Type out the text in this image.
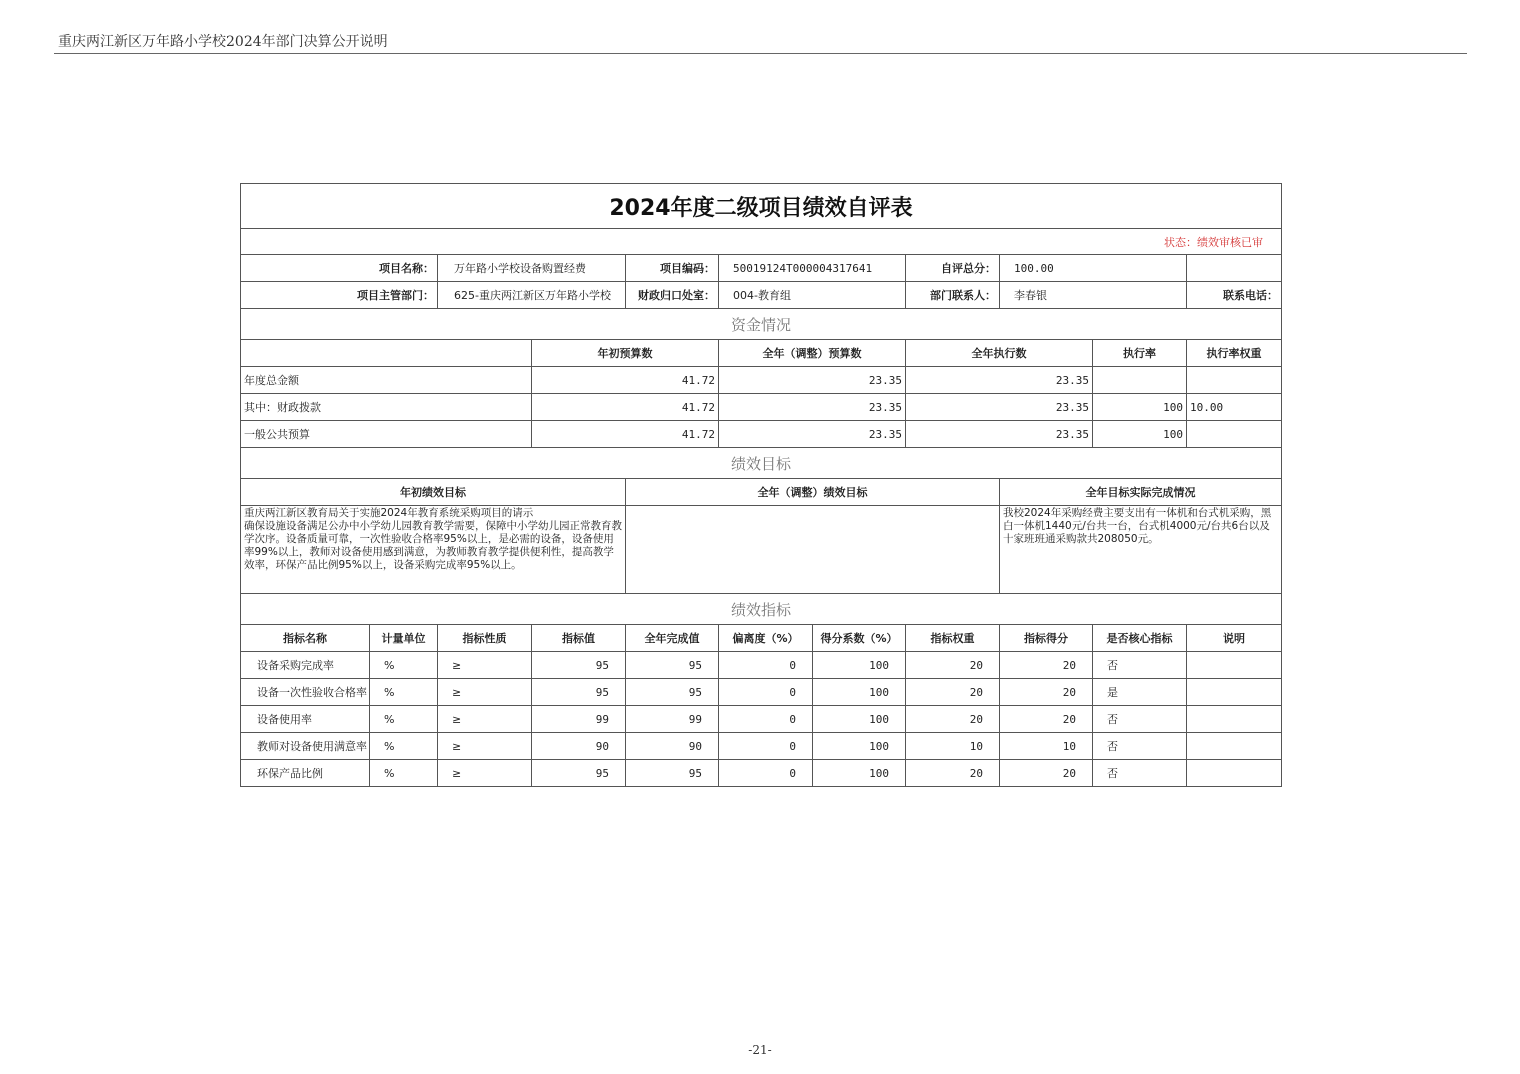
重庆两江新区万年路小学校2024年部门决算公开说明
2024年度二级项目绩效自评表											
状态：绩效审核已审											
项目名称：		万年路小学校设备购置经费		项目编码：	50019124T000004317641		自评总分：	100.00			
项目主管部门：		625-重庆两江新区万年路小学校		财政归口处室：	004-教育组		部门联系人：	李春银		联系电话：	
资金情况											
			年初预算数		全年（调整）预算数		全年执行数		执行率	执行率权重	
年度总金额			41.72		23.35		23.35				
其中：财政拨款			41.72		23.35		23.35		100	10.00	
一般公共预算			41.72		23.35		23.35		100		
绩效目标											
年初绩效目标				全年（调整）绩效目标				全年目标实际完成情况			
重庆两江新区教育局关于实施2024年教育系统采购项目的请示
确保设施设备满足公办中小学幼儿园教育教学需要，保障中小学幼儿园正常教育教学次序。设备质量可靠，一次性验收合格率95%以上，是必需的设备，设备使用率99%以上，教师对设备使用感到满意，为教师教育教学提供便利性，提高教学效率，环保产品比例95%以上，设备采购完成率95%以上。								我校2024年采购经费主要支出有一体机和台式机采购，黑白一体机1440元/台共一台，台式机4000元/台共6台以及十家班班通采购款共208050元。			
绩效指标											
指标名称	计量单位	指标性质	指标值	全年完成值	偏离度（%）	得分系数（%）	指标权重	指标得分	是否核心指标	说明	
设备采购完成率	%	≥	95	95	0	100	20	20	否		
设备一次性验收合格率	%	≥	95	95	0	100	20	20	是		
设备使用率	%	≥	99	99	0	100	20	20	否		
教师对设备使用满意率	%	≥	90	90	0	100	10	10	否		
环保产品比例	%	≥	95	95	0	100	20	20	否		
-21-
